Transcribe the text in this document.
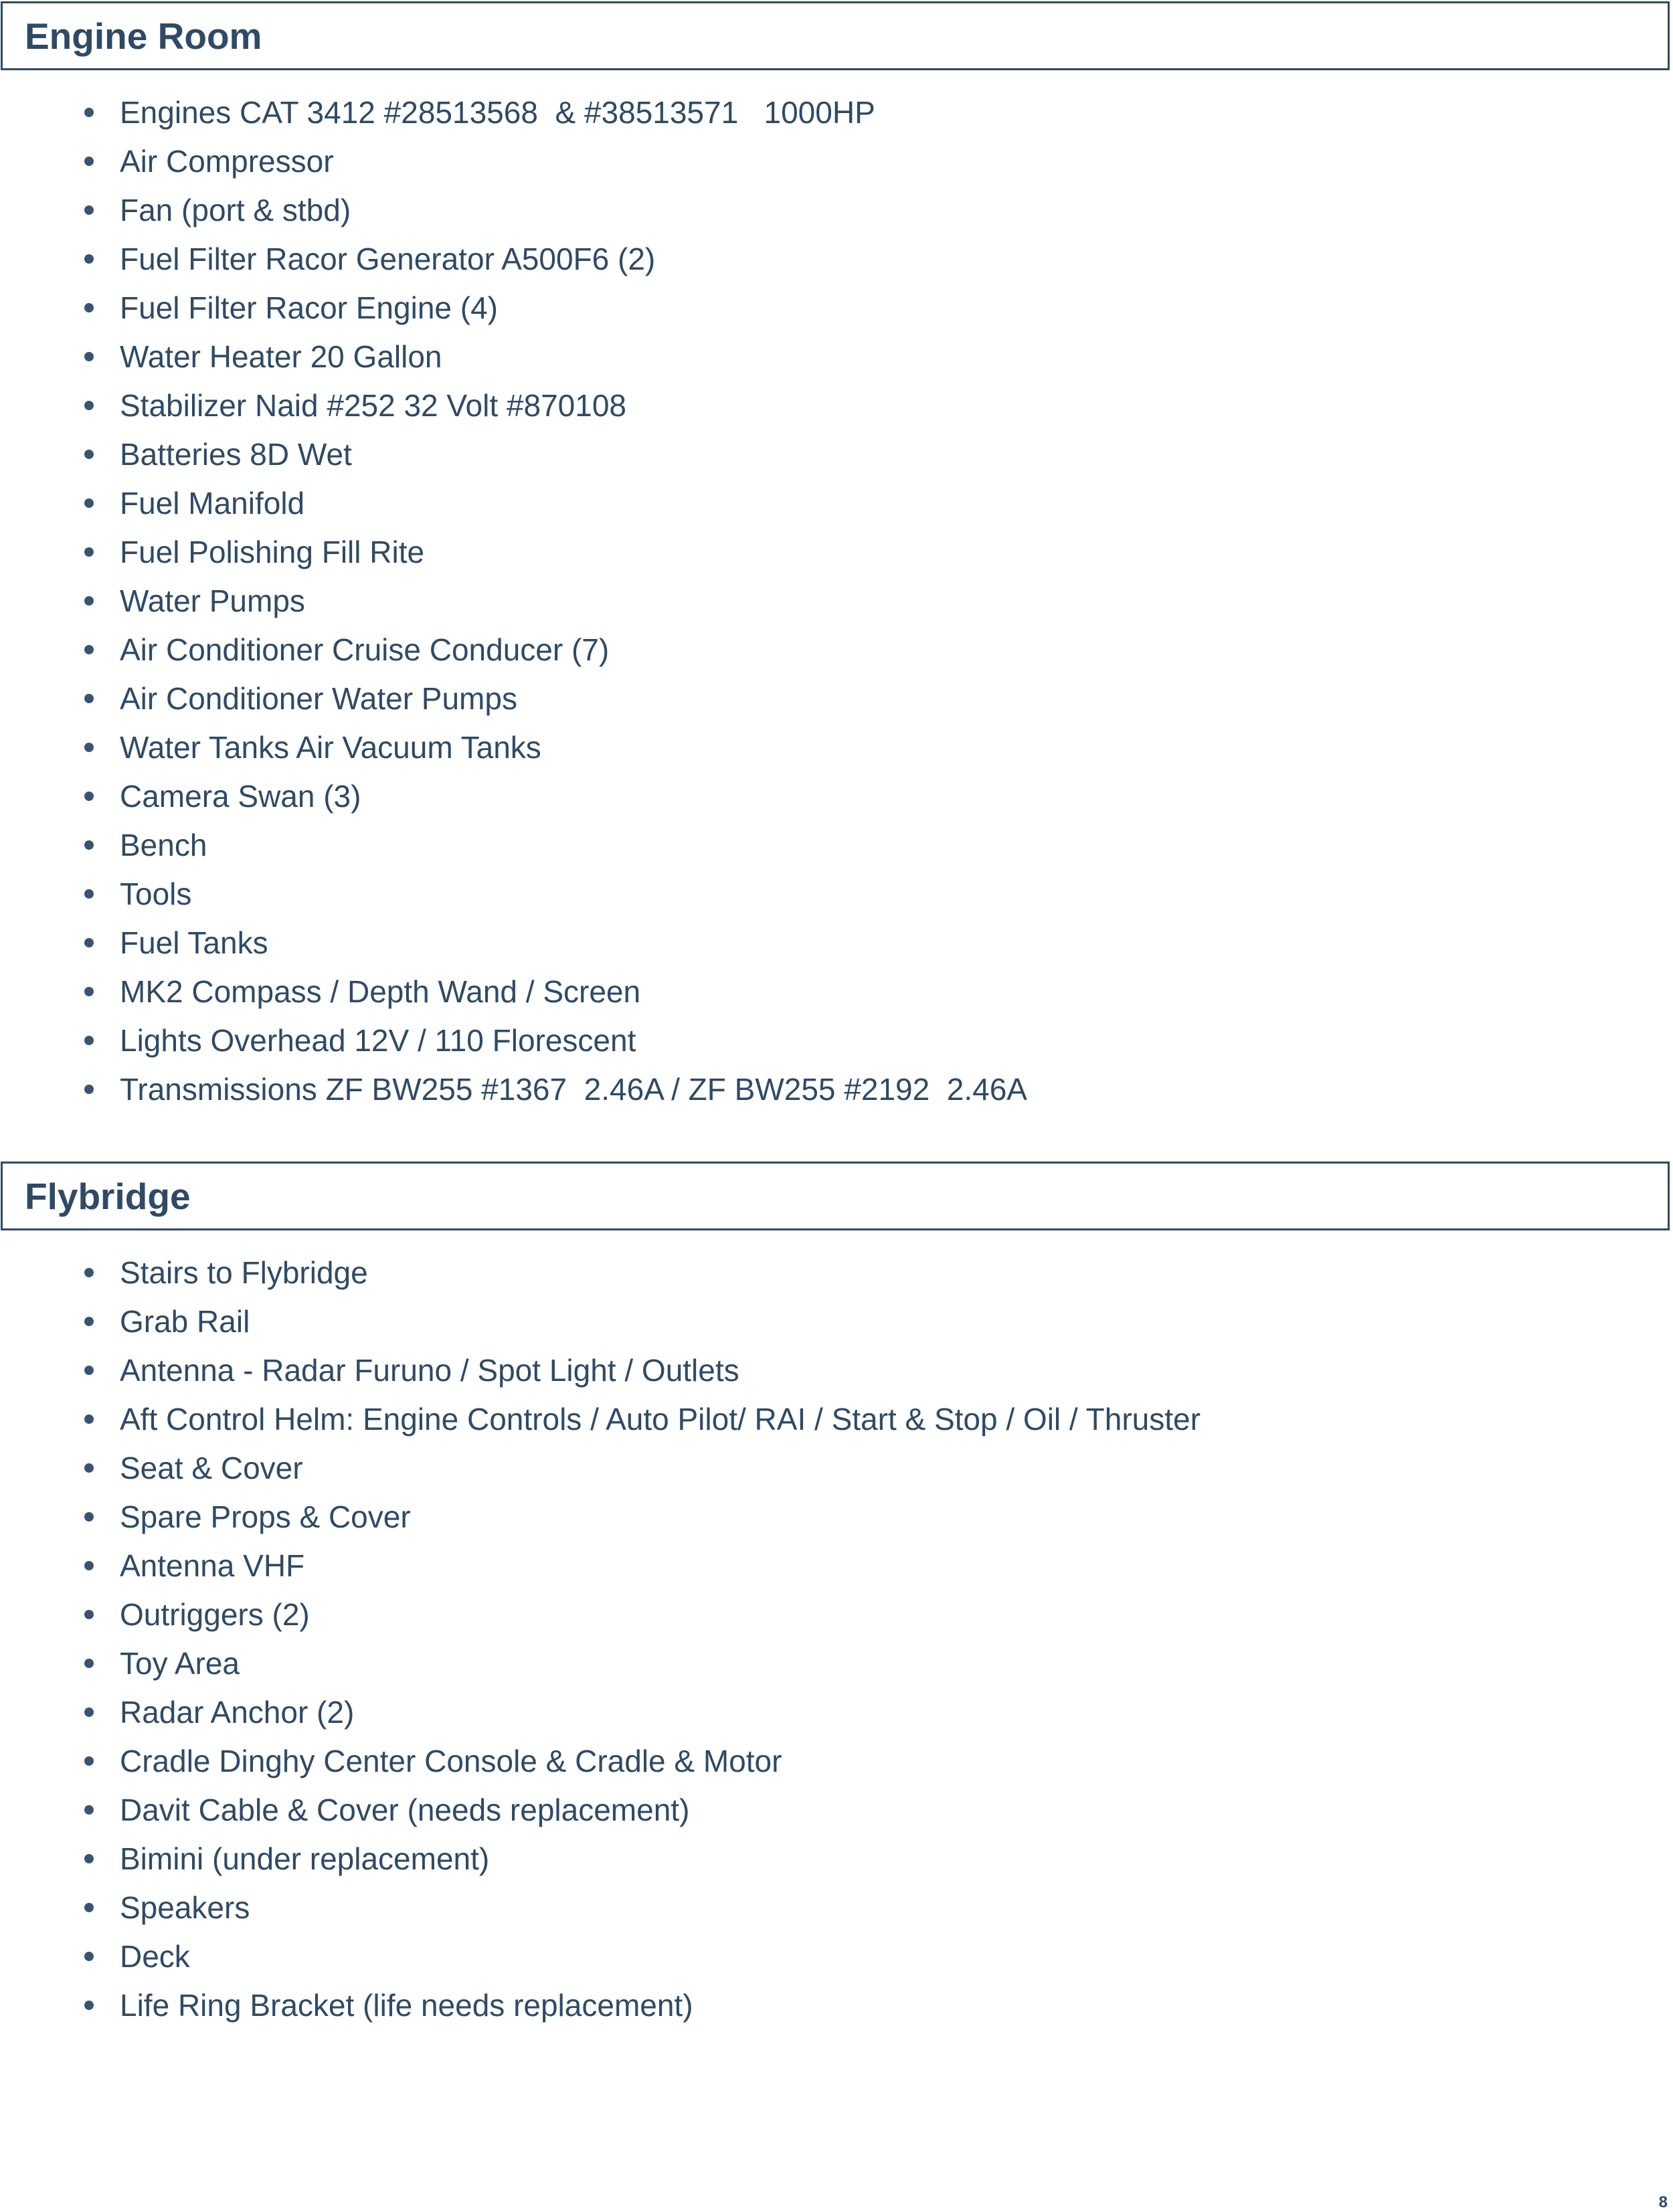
Engine Room
Engines CAT 3412 #28513568  & #38513571   1000HP
Air Compressor
Fan (port & stbd)
Fuel Filter Racor Generator A500F6 (2)
Fuel Filter Racor Engine (4)
Water Heater 20 Gallon
Stabilizer Naid #252 32 Volt #870108
Batteries 8D Wet
Fuel Manifold
Fuel Polishing Fill Rite
Water Pumps
Air Conditioner Cruise Conducer (7)
Air Conditioner Water Pumps
Water Tanks Air Vacuum Tanks
Camera Swan (3)
Bench
Tools
Fuel Tanks
MK2 Compass / Depth Wand / Screen
Lights Overhead 12V / 110 Florescent
Transmissions ZF BW255 #1367  2.46A / ZF BW255 #2192  2.46A
Flybridge
Stairs to Flybridge
Grab Rail
Antenna - Radar Furuno / Spot Light / Outlets
Aft Control Helm: Engine Controls / Auto Pilot/ RAI / Start & Stop / Oil / Thruster
Seat & Cover
Spare Props & Cover
Antenna VHF
Outriggers (2)
Toy Area
Radar Anchor (2)
Cradle Dinghy Center Console & Cradle & Motor
Davit Cable & Cover (needs replacement)
Bimini (under replacement)
Speakers
Deck
Life Ring Bracket (life needs replacement)
8
